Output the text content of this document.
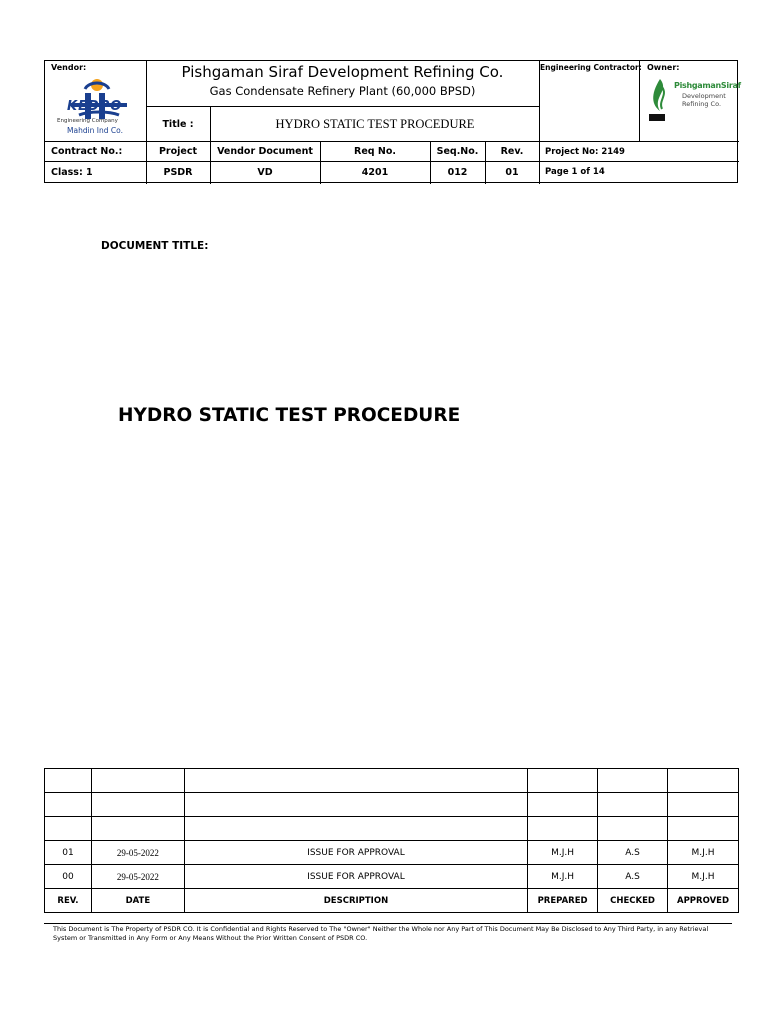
Vendor:
KEDPO
Engineering Company
Mahdin Ind Co.
Pishgaman Siraf Development Refining Co.
Gas Condensate Refinery Plant (60,000 BPSD)
Title :	HYDRO STATIC TEST PROCEDURE
Engineering Contractor: Owner:
PishgamanSiraf
Development
Refining Co.
Contract No.:	Project	Vendor Document	Req No.	Seq.No.	Rev.	Project No: 2149
Class: 1	PSDR	VD	4201	012	01	Page 1 of 14
DOCUMENT TITLE:
HYDRO STATIC TEST PROCEDURE

01	29-05-2022	ISSUE FOR APPROVAL	M.J.H	A.S	M.J.H
00	29-05-2022	ISSUE FOR APPROVAL	M.J.H	A.S	M.J.H
REV.	DATE	DESCRIPTION	PREPARED	CHECKED	APPROVED
This Document is The Property of PSDR CO. It is Confidential and Rights Reserved to The "Owner" Neither the Whole nor Any Part of This Document May Be Disclosed to Any Third Party, in any Retrieval System or Transmitted in Any Form or Any Means Without the Prior Written Consent of PSDR CO.
